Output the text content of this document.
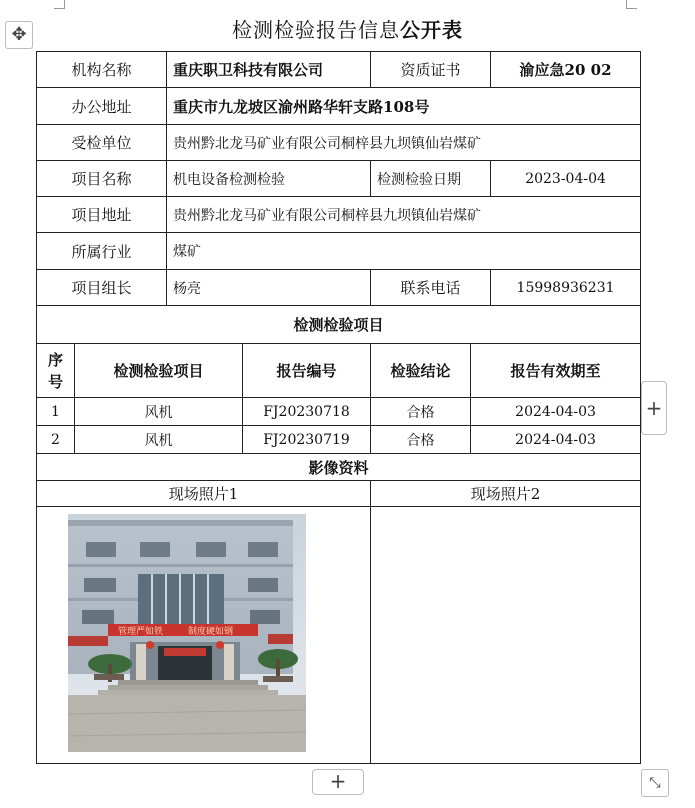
✥	检测检验报告信息公开表
机构名称		重庆职卫科技有限公司		资质证书		渝应急20 02
办公地址		重庆市九龙坡区渝州路华轩支路108号				
受检单位		贵州黔北龙马矿业有限公司桐梓县九坝镇仙岩煤矿				
项目名称		机电设备检测检验		检测检验日期		2023-04-04
项目地址		贵州黔北龙马矿业有限公司桐梓县九坝镇仙岩煤矿				
所属行业		煤矿				
项目组长		杨亮		联系电话		15998936231
检测检验项目						
序
号	检测检验项目		报告编号	检验结论	报告有效期至	
1	风机		FJ20230718	合格	2024-04-03	
2	风机		FJ20230719	合格	2024-04-03	
影像资料						
现场照片1				现场照片2		

管理严如铁 制度硬如钢						

+
+	⤡
